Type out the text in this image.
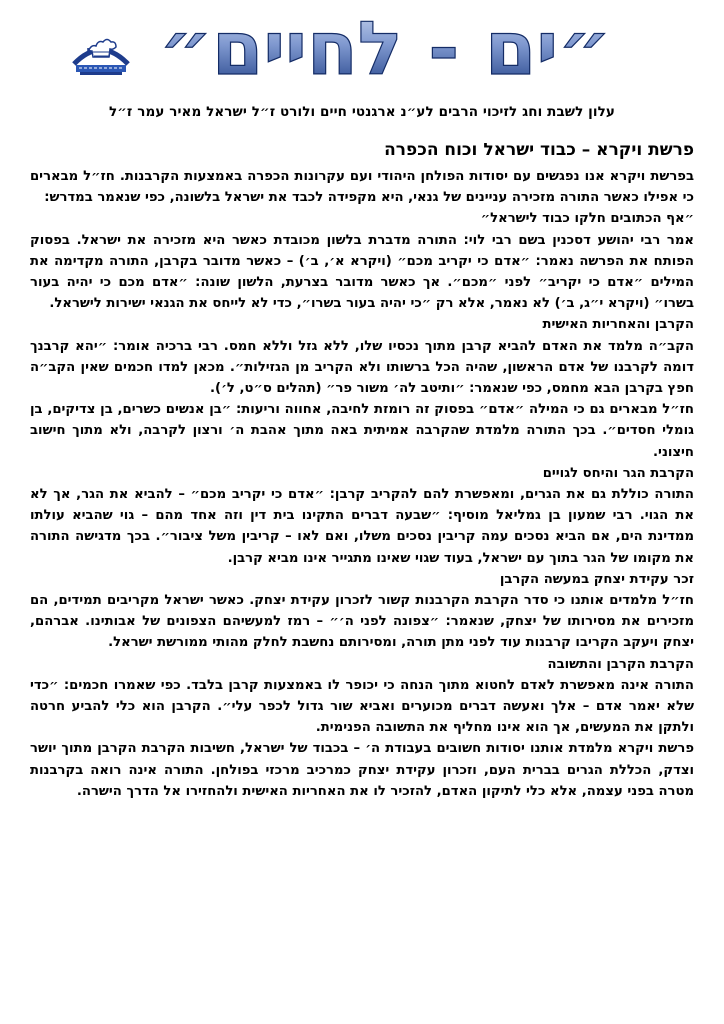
״ים - לחיים״
עלון לשבת וחג לזיכוי הרבים לע״נ ארגנטי חיים ולורט ז״ל ישראל מאיר עמר ז״ל
פרשת ויקרא – כבוד ישראל וכוח הכפרה

בפרשת ויקרא אנו נפגשים עם יסודות הפולחן היהודי ועם עקרונות הכפרה באמצעות הקרבנות. חז״ל מבארים כי אפילו כאשר התורה מזכירה עניינים של גנאי, היא מקפידה לכבד את ישראל בלשונה, כפי שנאמר במדרש:

״אף הכתובים חלקו כבוד לישראל״

אמר רבי יהושע דסכנין בשם רבי לוי: התורה מדברת בלשון מכובדת כאשר היא מזכירה את ישראל. בפסוק הפותח את הפרשה נאמר: ״אדם כי יקריב מכם״ (ויקרא א׳, ב׳) – כאשר מדובר בקרבן, התורה מקדימה את המילים ״אדם כי יקריב״ לפני ״מכם״. אך כאשר מדובר בצרעת, הלשון שונה: ״אדם מכם כי יהיה בעור בשרו״ (ויקרא י״ג, ב׳) לא נאמר, אלא רק ״כי יהיה בעור בשרו״, כדי לא לייחס את הגנאי ישירות לישראל.

הקרבן והאחריות האישית

הקב״ה מלמד את האדם להביא קרבן מתוך נכסיו שלו, ללא גזל וללא חמס. רבי ברכיה אומר: ״יהא קרבנך דומה לקרבנו של אדם הראשון, שהיה הכל ברשותו ולא הקריב מן הגזילות״. מכאן למדו חכמים שאין הקב״ה חפץ בקרבן הבא מחמס, כפי שנאמר: ״ותיטב לה׳ משור פר״ (תהלים ס״ט, ל׳).

חז״ל מבארים גם כי המילה ״אדם״ בפסוק זה רומזת לחיבה, אחווה וריעות: ״בן אנשים כשרים, בן צדיקים, בן גומלי חסדים״. בכך התורה מלמדת שהקרבה אמיתית באה מתוך אהבת ה׳ ורצון לקרבה, ולא מתוך חישוב חיצוני.

הקרבת הגר והיחס לגויים

התורה כוללת גם את הגרים, ומאפשרת להם להקריב קרבן: ״אדם כי יקריב מכם״ – להביא את הגר, אך לא את הגוי. רבי שמעון בן גמליאל מוסיף: ״שבעה דברים התקינו בית דין וזה אחד מהם – גוי שהביא עולתו ממדינת הים, אם הביא נסכים עמה קריבין נסכים משלו, ואם לאו – קריבין משל ציבור״. בכך מדגישה התורה את מקומו של הגר בתוך עם ישראל, בעוד שגוי שאינו מתגייר אינו מביא קרבן.

זכר עקידת יצחק במעשה הקרבן

חז״ל מלמדים אותנו כי סדר הקרבת הקרבנות קשור לזכרון עקידת יצחק. כאשר ישראל מקריבים תמידים, הם מזכירים את מסירותו של יצחק, שנאמר: ״צפונה לפני ה׳״ – רמז למעשיהם הצפונים של אבותינו. אברהם, יצחק ויעקב הקריבו קרבנות עוד לפני מתן תורה, ומסירותם נחשבת לחלק מהותי ממורשת ישראל.

הקרבת הקרבן והתשובה

התורה אינה מאפשרת לאדם לחטוא מתוך הנחה כי יכופר לו באמצעות קרבן בלבד. כפי שאמרו חכמים: ״כדי שלא יאמר אדם – אלך ואעשה דברים מכוערים ואביא שור גדול לכפר עלי״. הקרבן הוא כלי להביע חרטה ולתקן את המעשים, אך הוא אינו מחליף את התשובה הפנימית.

פרשת ויקרא מלמדת אותנו יסודות חשובים בעבודת ה׳ – בכבוד של ישראל, חשיבות הקרבת הקרבן מתוך יושר וצדק, הכללת הגרים בברית העם, וזכרון עקידת יצחק כמרכיב מרכזי בפולחן. התורה אינה רואה בקרבנות מטרה בפני עצמה, אלא כלי לתיקון האדם, להזכיר לו את האחריות האישית ולהחזירו אל הדרך הישרה.
